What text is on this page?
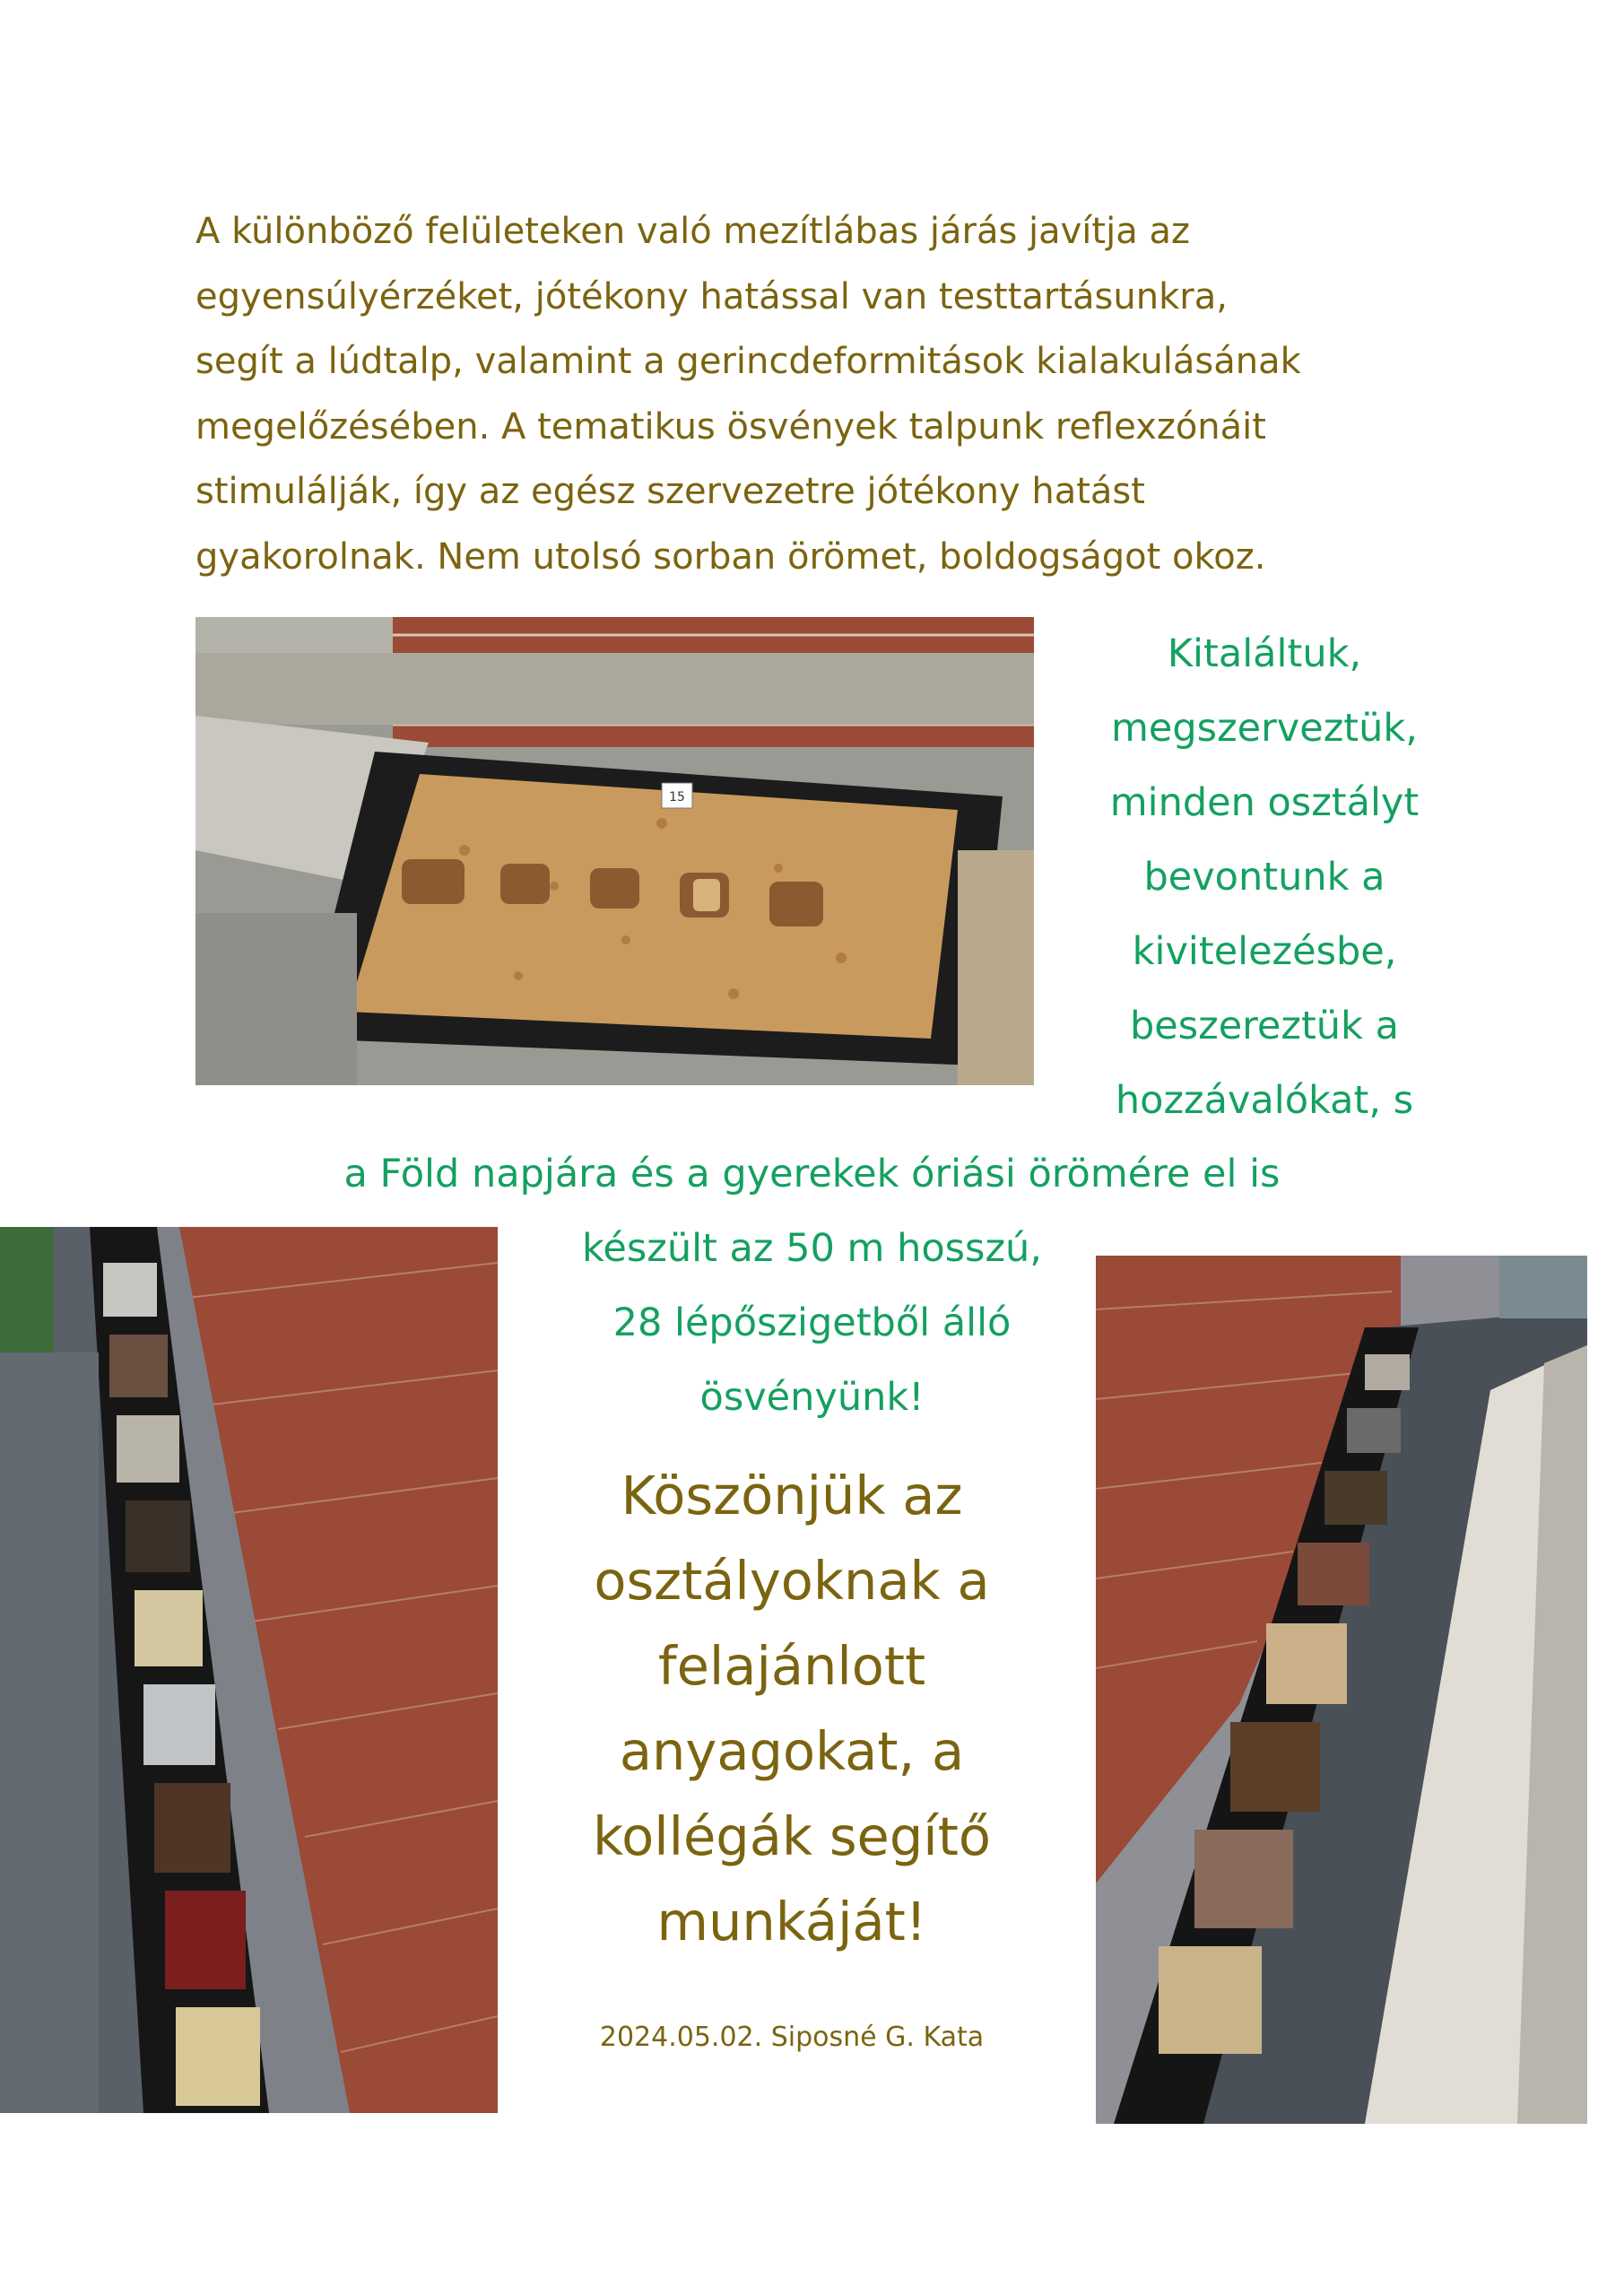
A különböző felületeken való mezítlábas járás javítja az
egyensúlyérzéket, jótékony hatással van testtartásunkra,
segít a lúdtalp, valamint a gerincdeformitások kialakulásának
megelőzésében. A tematikus ösvények talpunk reflexzónáit
stimulálják, így az egész szervezetre jótékony hatást
gyakorolnak. Nem utolsó sorban örömet, boldogságot okoz.

15

Kitaláltuk,
megszerveztük,
minden osztályt
bevontunk a
kivitelezésbe,
beszereztük a
hozzávalókat, s

a Föld napjára és a gyerekek óriási örömére el is
készült az 50 m hosszú,
28 lépőszigetből álló
ösvényünk!

Köszönjük az
osztályoknak a
felajánlott
anyagokat, a
kollégák segítő
munkáját!

2024.05.02. Siposné G. Kata
